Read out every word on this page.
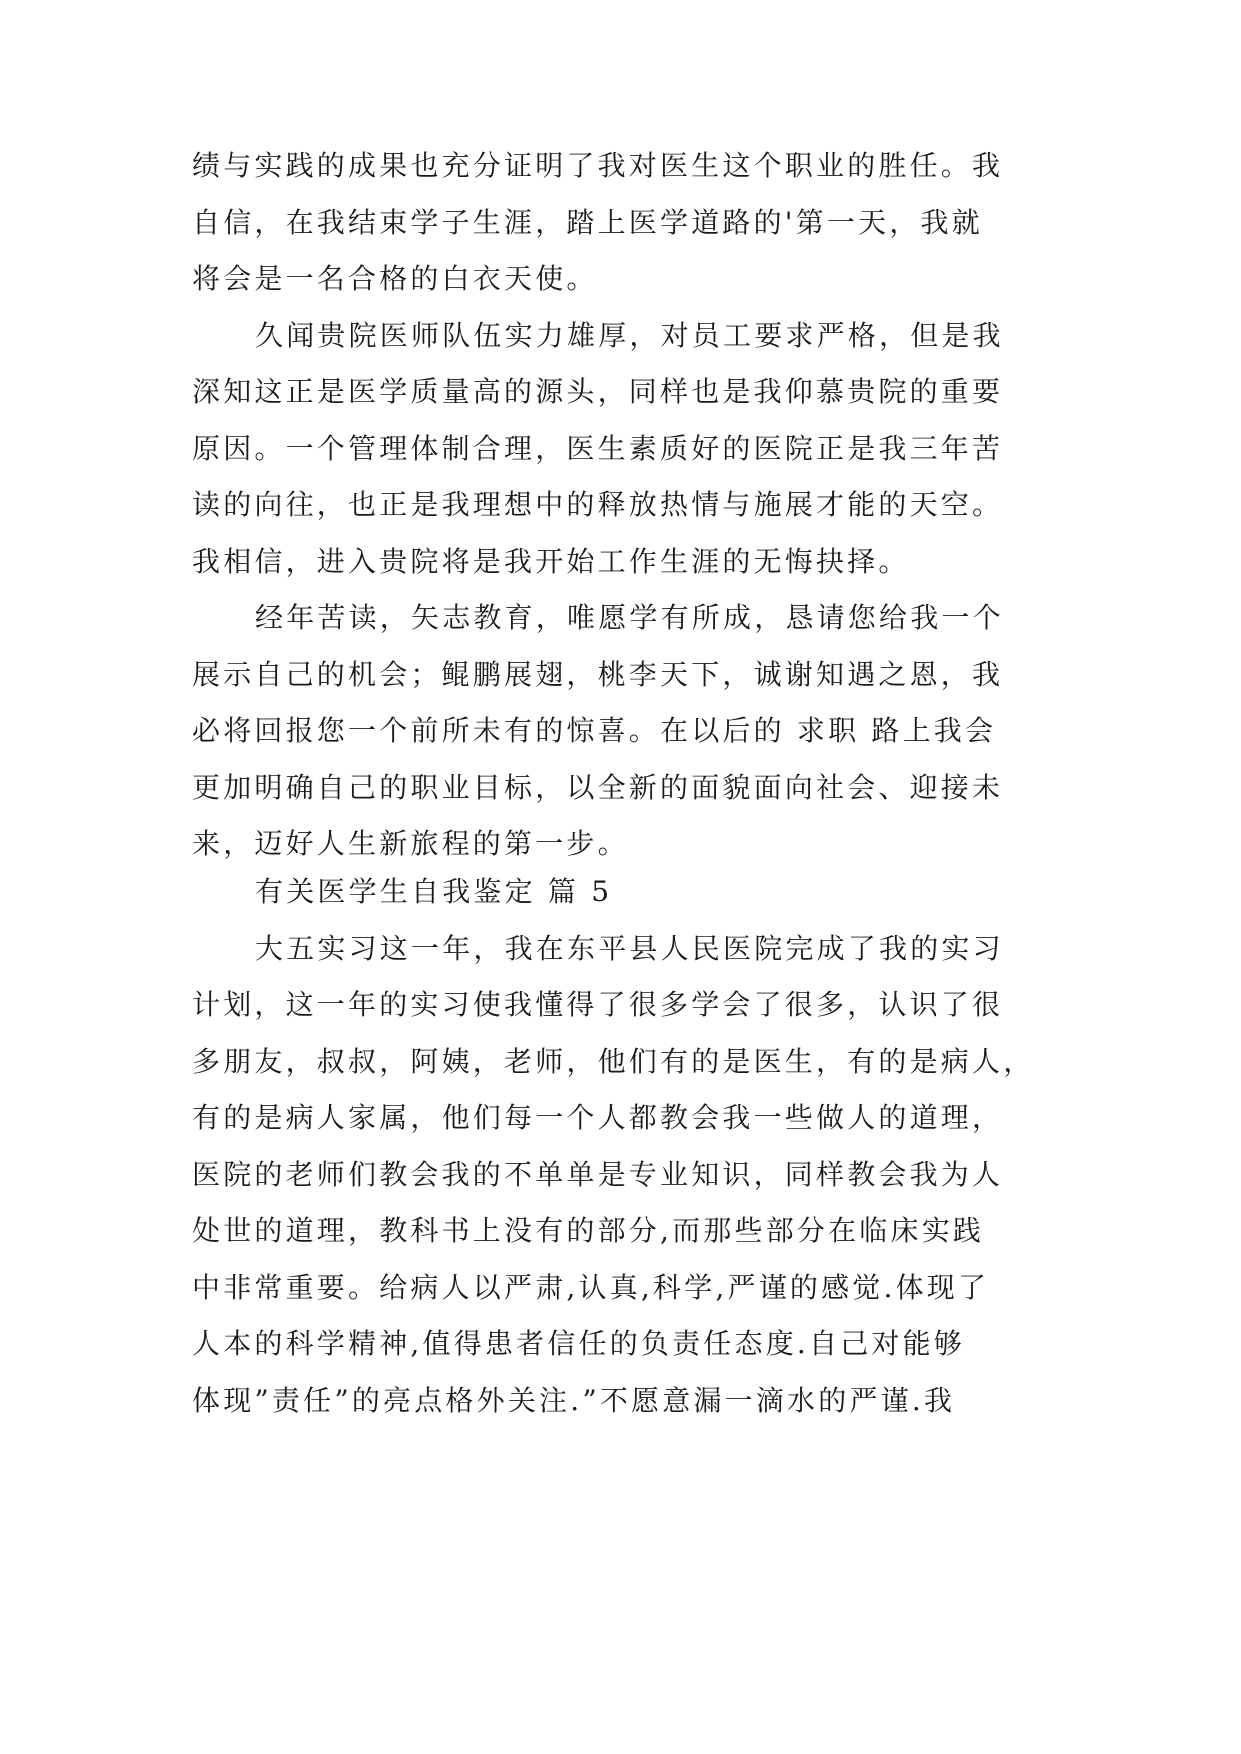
绩与实践的成果也充分证明了我对医生这个职业的胜任。我
自信，在我结束学子生涯，踏上医学道路的'第一天，我就
将会是一名合格的白衣天使。
久闻贵院医师队伍实力雄厚，对员工要求严格，但是我
深知这正是医学质量高的源头，同样也是我仰慕贵院的重要
原因。一个管理体制合理，医生素质好的医院正是我三年苦
读的向往，也正是我理想中的释放热情与施展才能的天空。
我相信，进入贵院将是我开始工作生涯的无悔抉择。
经年苦读，矢志教育，唯愿学有所成，恳请您给我一个
展示自己的机会；鲲鹏展翅，桃李天下，诚谢知遇之恩，我
必将回报您一个前所未有的惊喜。在以后的 求职 路上我会
更加明确自己的职业目标，以全新的面貌面向社会、迎接未
来，迈好人生新旅程的第一步。
有关医学生自我鉴定 篇 5
大五实习这一年，我在东平县人民医院完成了我的实习
计划，这一年的实习使我懂得了很多学会了很多，认识了很
多朋友，叔叔，阿姨，老师，他们有的是医生，有的是病人，
有的是病人家属，他们每一个人都教会我一些做人的道理，
医院的老师们教会我的不单单是专业知识，同样教会我为人
处世的道理，教科书上没有的部分,而那些部分在临床实践
中非常重要。给病人以严肃,认真,科学,严谨的感觉.体现了
人本的科学精神,值得患者信任的负责任态度.自己对能够
体现”责任”的亮点格外关注.”不愿意漏一滴水的严谨.我
